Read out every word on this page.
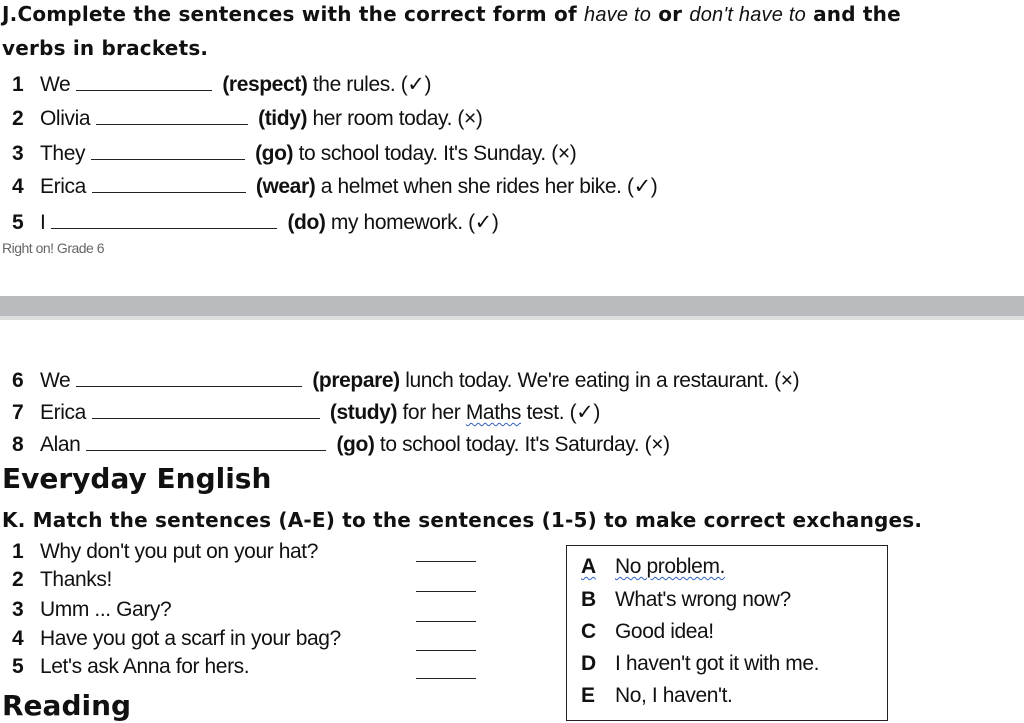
J.Complete the sentences with the correct form of have to or don't have to and the
verbs in brackets.
1 We	(respect)
the rules. (✓)
2 Olivia	(tidy)
her room today. (×)
3 They	(go)
to school today. It's Sunday. (×)
4 Erica	(wear)
a helmet when she rides her bike. (✓)
5 I	(do)
my homework. (✓)
Right on! Grade 6
6 We	(prepare)
lunch today. We're eating in a restaurant. (×)
7 Erica	(study)
for her
Maths
test. (✓)
8 Alan	(go)
to school today. It's Saturday. (×)
Everyday English
K. Match the sentences (A-E) to the sentences (1-5) to make correct exchanges.
1 Why don't you put on your hat?
2 Thanks!
3 Umm ... Gary?
4 Have you got a scarf in your bag?
5 Let's ask Anna for hers.
A No problem.
B What's wrong now?
C Good idea!
D I haven't got it with me.
E No, I haven't.
Reading
